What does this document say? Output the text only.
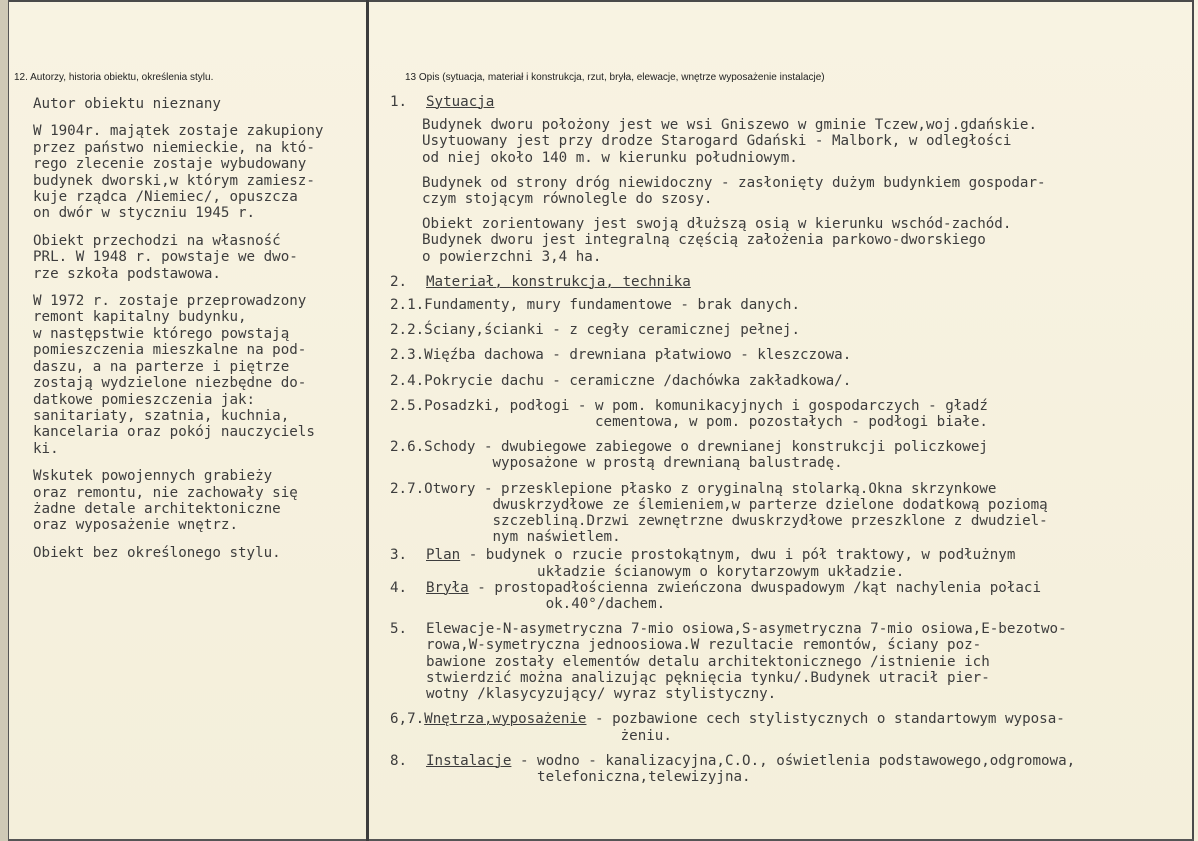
12. Autorzy, historia obiektu, określenia stylu.	13 Opis (sytuacja, materiał i konstrukcja, rzut, bryła, elewacje, wnętrze wyposażenie instalacje)

Autor obiektu nieznany

W 1904r. majątek zostaje zakupiony
przez państwo niemieckie, na któ-
rego zlecenie zostaje wybudowany
budynek dworski,w którym zamiesz-
kuje rządca /Niemiec/, opuszcza
on dwór w styczniu 1945 r.

Obiekt przechodzi na własność
PRL. W 1948 r. powstaje we dwo-
rze szkoła podstawowa.

W 1972 r. zostaje przeprowadzony
remont kapitalny budynku,
w następstwie którego powstają
pomieszczenia mieszkalne na pod-
daszu, a na parterze i piętrze
zostają wydzielone niezbędne do-
datkowe pomieszczenia jak:
sanitariaty, szatnia, kuchnia,
kancelaria oraz pokój nauczyciels
ki.

Wskutek powojennych grabieży
oraz remontu, nie zachowały się
żadne detale architektoniczne
oraz wyposażenie wnętrz.

Obiekt bez określonego stylu.

1.	Sytuacja
Budynek dworu położony jest we wsi Gniszewo w gminie Tczew,woj.gdańskie.
Usytuowany jest przy drodze Starogard Gdański - Malbork, w odległości
od niej około 140 m. w kierunku południowym.
Budynek od strony dróg niewidoczny - zasłonięty dużym budynkiem gospodar-
czym stojącym równolegle do szosy.
Obiekt zorientowany jest swoją dłuższą osią w kierunku wschód-zachód.
Budynek dworu jest integralną częścią założenia parkowo-dworskiego
o powierzchni 3,4 ha.
2.	Materiał, konstrukcja, technika
2.1.Fundamenty, mury fundamentowe - brak danych.
2.2.Ściany,ścianki - z cegły ceramicznej pełnej.
2.3.Więźba dachowa - drewniana płatwiowo - kleszczowa.
2.4.Pokrycie dachu - ceramiczne /dachówka zakładkowa/.
2.5.Posadzki, podłogi - w pom. komunikacyjnych i gospodarczych - gładź
cementowa, w pom. pozostałych - podłogi białe.
2.6.Schody - dwubiegowe zabiegowe o drewnianej konstrukcji policzkowej
wyposażone w prostą drewnianą balustradę.
2.7.Otwory - przesklepione płasko z oryginalną stolarką.Okna skrzynkowe
dwuskrzydłowe ze ślemieniem,w parterze dzielone dodatkową poziomą
szczebliną.Drzwi zewnętrzne dwuskrzydłowe przeszklone z dwudziel-
nym naświetlem.
3.	Plan - budynek o rzucie prostokątnym, dwu i pół traktowy, w podłużnym
układzie ścianowym o korytarzowym układzie.
4.	Bryła - prostopadłościenna zwieńczona dwuspadowym /kąt nachylenia połaci
ok.40°/dachem.
5.	Elewacje-N-asymetryczna 7-mio osiowa,S-asymetryczna 7-mio osiowa,E-bezotwo-
rowa,W-symetryczna jednoosiowa.W rezultacie remontów, ściany poz-
bawione zostały elementów detalu architektonicznego /istnienie ich
stwierdzić można analizując pęknięcia tynku/.Budynek utracił pier-
wotny /klasycyzujący/ wyraz stylistyczny.
6,7. Wnętrza,wyposażenie - pozbawione cech stylistycznych o standartowym wyposa-
żeniu.
8.	Instalacje - wodno - kanalizacyjna,C.O., oświetlenia podstawowego,odgromowa,
telefoniczna,telewizyjna.
